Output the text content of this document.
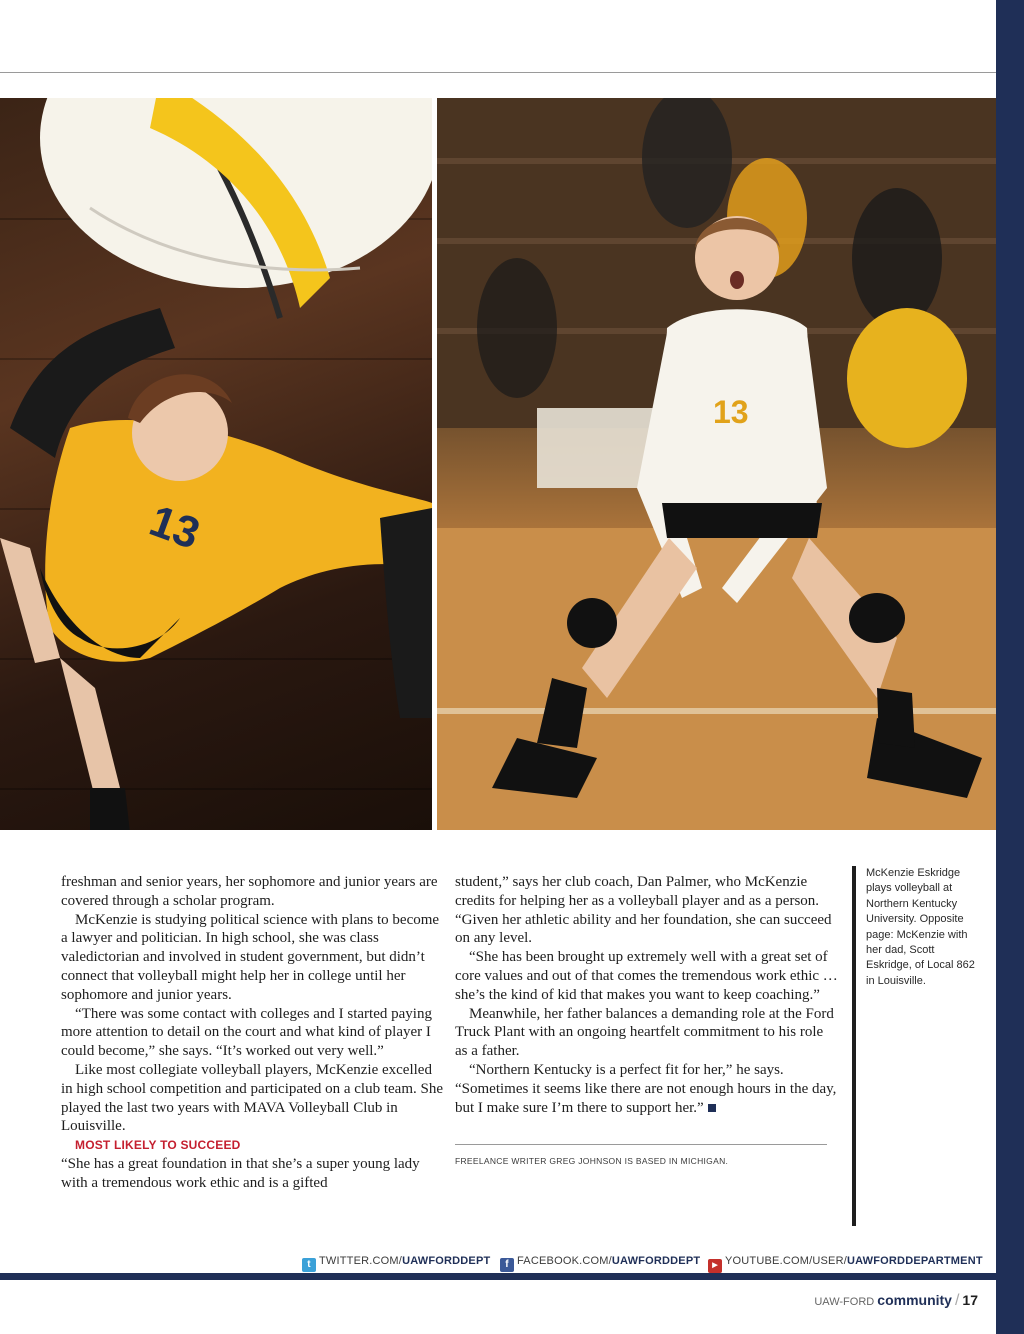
13
13

freshman and senior years, her sophomore and junior years are covered through a scholar program.

McKenzie is studying political science with plans to become a lawyer and politician. In high school, she was class valedictorian and involved in student government, but didn’t connect that volleyball might help her in college until her sophomore and junior years.

“There was some contact with colleges and I started paying more attention to detail on the court and what kind of player I could become,” she says. “It’s worked out very well.”

Like most collegiate volleyball players, McKenzie excelled in high school competition and participated on a club team. She played the last two years with MAVA Volleyball Club in Louisville.

MOST LIKELY TO SUCCEED

“She has a great foundation in that she’s a super young lady with a tremendous work ethic and is a gifted

student,” says her club coach, Dan Palmer, who McKenzie credits for helping her as a volleyball player and as a person. “Given her athletic ability and her foundation, she can succeed on any level.

“She has been brought up extremely well with a great set of core values and out of that comes the tremendous work ethic … she’s the kind of kid that makes you want to keep coaching.”

Meanwhile, her father balances a demanding role at the Ford Truck Plant with an ongoing heartfelt commitment to his role as a father.

“Northern Kentucky is a perfect fit for her,” he says. “Sometimes it seems like there are not enough hours in the day, but I make sure I’m there to support her.”

FREELANCE WRITER GREG JOHNSON IS BASED IN MICHIGAN.
McKenzie Eskridge plays volleyball at Northern Kentucky University. Opposite page: McKenzie with her dad, Scott Eskridge, of Local 862 in Louisville.
t TWITTER.COM/UAWFORDDEPT	f FACEBOOK.COM/UAWFORDDEPT	▶ YOUTUBE.COM/USER/UAWFORDDEPARTMENT
UAW-FORD community / 17
